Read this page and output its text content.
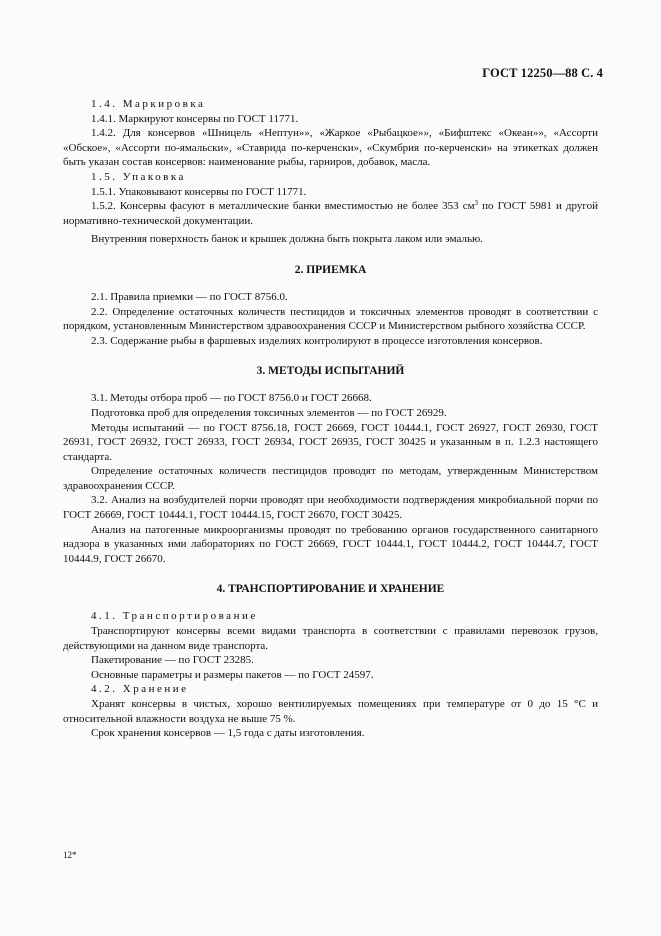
ГОСТ 12250—88 С. 4

1.4. Маркировка

1.4.1. Маркируют консервы по ГОСТ 11771.

1.4.2. Для консервов «Шницель «Нептун»», «Жаркое «Рыбацкое»», «Бифштекс «Океан»», «Ассорти «Обское», «Ассорти по-ямальски», «Ставрида по-керченски», «Скумбрия по-керченски» на этикетках должен быть указан состав консервов: наименование рыбы, гарниров, добавок, масла.

1.5. Упаковка

1.5.1. Упаковывают консервы по ГОСТ 11771.

1.5.2. Консервы фасуют в металлические банки вместимостью не более 353 $см^3$ по ГОСТ 5981 и другой нормативно-технической документации.

Внутренняя поверхность банок и крышек должна быть покрыта лаком или эмалью.

2. ПРИЕМКА

2.1. Правила приемки — по ГОСТ 8756.0.

2.2. Определение остаточных количеств пестицидов и токсичных элементов проводят в соответствии с порядком, установленным Министерством здравоохранения СССР и Министерством рыбного хозяйства СССР.

2.3. Содержание рыбы в фаршевых изделиях контролируют в процессе изготовления консервов.

3. МЕТОДЫ ИСПЫТАНИЙ

3.1. Методы отбора проб — по ГОСТ 8756.0 и ГОСТ 26668.

Подготовка проб для определения токсичных элементов — по ГОСТ 26929.

Методы испытаний — по ГОСТ 8756.18, ГОСТ 26669, ГОСТ 10444.1, ГОСТ 26927, ГОСТ 26930, ГОСТ 26931, ГОСТ 26932, ГОСТ 26933, ГОСТ 26934, ГОСТ 26935, ГОСТ 30425 и указанным в п. 1.2.3 настоящего стандарта.

Определение остаточных количеств пестицидов проводят по методам, утвержденным Министерством здравоохранения СССР.

3.2. Анализ на возбудителей порчи проводят при необходимости подтверждения микробиальной порчи по ГОСТ 26669, ГОСТ 10444.1, ГОСТ 10444.15, ГОСТ 26670, ГОСТ 30425.

Анализ на патогенные микроорганизмы проводят по требованию органов государственного санитарного надзора в указанных ими лабораториях по ГОСТ 26669, ГОСТ 10444.1, ГОСТ 10444.2, ГОСТ 10444.7, ГОСТ 10444.9, ГОСТ 26670.

4. ТРАНСПОРТИРОВАНИЕ И ХРАНЕНИЕ

4.1. Транспортирование

Транспортируют консервы всеми видами транспорта в соответствии с правилами перевозок грузов, действующими на данном виде транспорта.

Пакетирование — по ГОСТ 23285.

Основные параметры и размеры пакетов — по ГОСТ 24597.

4.2. Хранение

Хранят консервы в чистых, хорошо вентилируемых помещениях при температуре от 0 до 15 °С и относительной влажности воздуха не выше 75 %.

Срок хранения консервов — 1,5 года с даты изготовления.

12*
